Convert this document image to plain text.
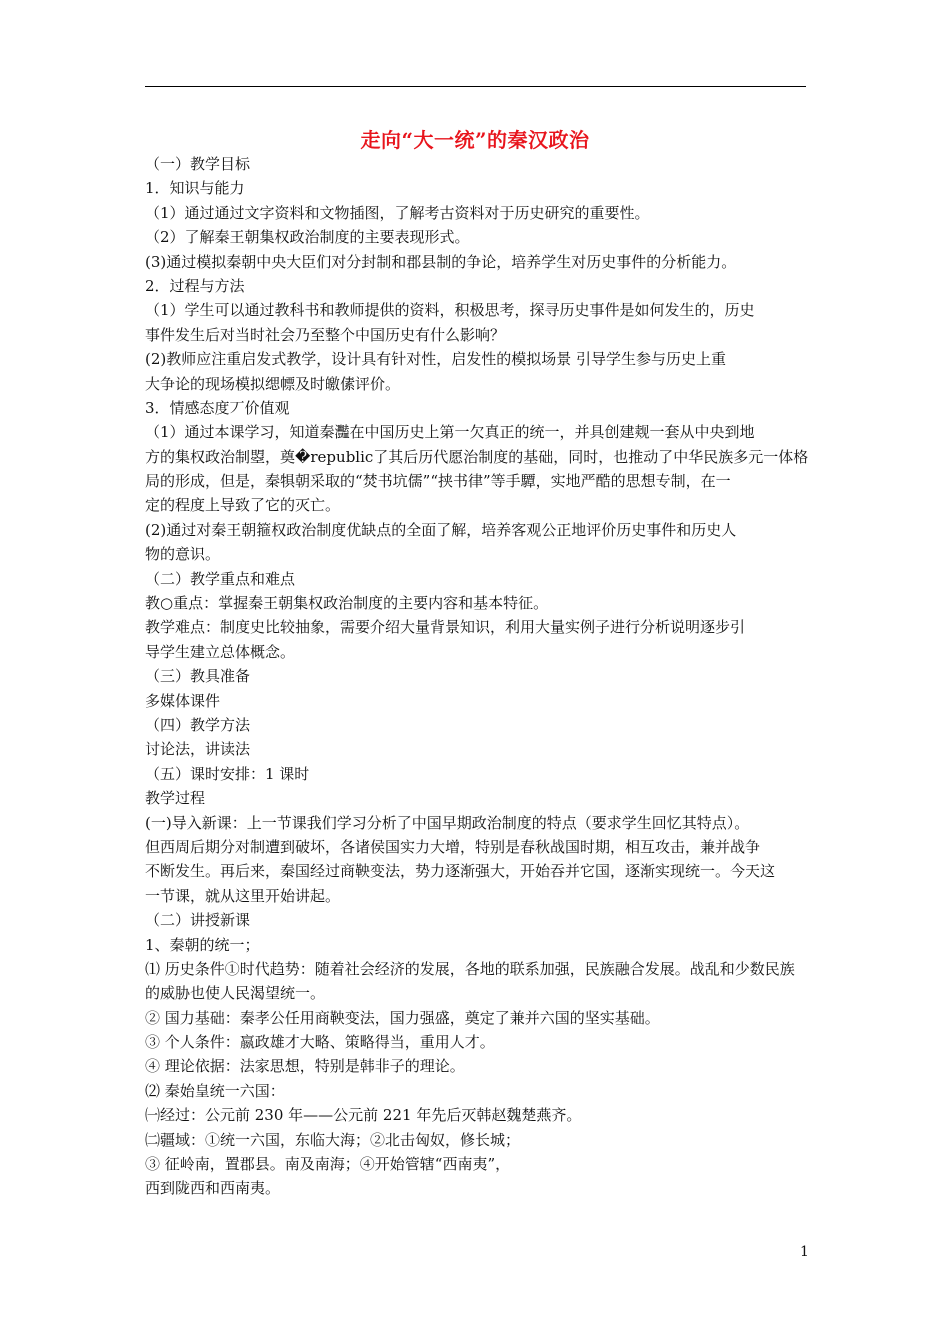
走向“大一统”的秦汉政治
（一）教学目标
1．知识与能力
（1）通过通过文字资料和文物插图，了解考古资料对于历史研究的重要性。
（2）了解秦王朝集权政治制度的主要表现形式。
(3)通过模拟秦朝中央大臣们对分封制和郡县制的争论，培养学生对历史事件的分析能力。
2．过程与方法
（1）学生可以通过教科书和教师提供的资料，积极思考，探寻历史事件是如何发生的，历史
事件发生后对当时社会乃至整个中国历史有什么影响？
(2)教师应注重启发式教学，设计具有针对性，启发性的模拟场景 引导学生参与历史上重
大争论的现场模拟缌幖及时皦傃评价。
3．情感态度丆价值观
（1）通过本课学习，知道秦灩在中国历史上第一欠真正的统一，并具创建觌一套从中央到地
方的集权政治制曌，奠�republic了其后历代愿治制度的基础，同时，也推动了中华民族多元一体格
局的形成，但是，秦犋朝采取的“焚书坑儒”“挟书律”等手驔，实地严酷的思想专制，在一
定的程度上导致了它的灭亡。
(2)通过对秦王朝箍权政治制度优缺点的全面了解，培养客观公正地评价历史事件和历史人
物的意识。
（二）教学重点和难点
教○重点：掌握秦王朝集权政治制度的主要内容和基本特征。
教学难点：制度史比较抽象，需要介绍大量背景知识，利用大量实例子进行分析说明逐步引
导学生建立总体概念。
（三）教具准备
多媒体课件
（四）教学方法
讨论法，讲读法
（五）课时安排：1 课时
教学过程
(一)导入新课：上一节课我们学习分析了中国早期政治制度的特点（要求学生回忆其特点）。
但西周后期分对制遭到破坏，各诸侯国实力大增，特别是春秋战国时期，相互攻击，兼并战争
不断发生。再后来，秦国经过商鞅变法，势力逐渐强大，开始吞并它国，逐渐实现统一。今天这
一节课，就从这里开始讲起。
（二）讲授新课
1、秦朝的统一；
⑴ 历史条件①时代趋势：随着社会经济的发展，各地的联系加强，民族融合发展。战乱和少数民族
的威胁也使人民渴望统一。
② 国力基础：秦孝公任用商鞅变法，国力强盛，奠定了兼并六国的坚实基础。
③ 个人条件：嬴政雄才大略、策略得当，重用人才。
④ 理论依据：法家思想，特别是韩非子的理论。
⑵ 秦始皇统一六国：
㈠经过：公元前 230 年——公元前 221 年先后灭韩赵魏楚燕齐。
㈡疆域：①统一六国，东临大海；②北击匈奴，修长城；
③ 征岭南，置郡县。南及南海；④开始管辖“西南夷”，
西到陇西和西南夷。
1
